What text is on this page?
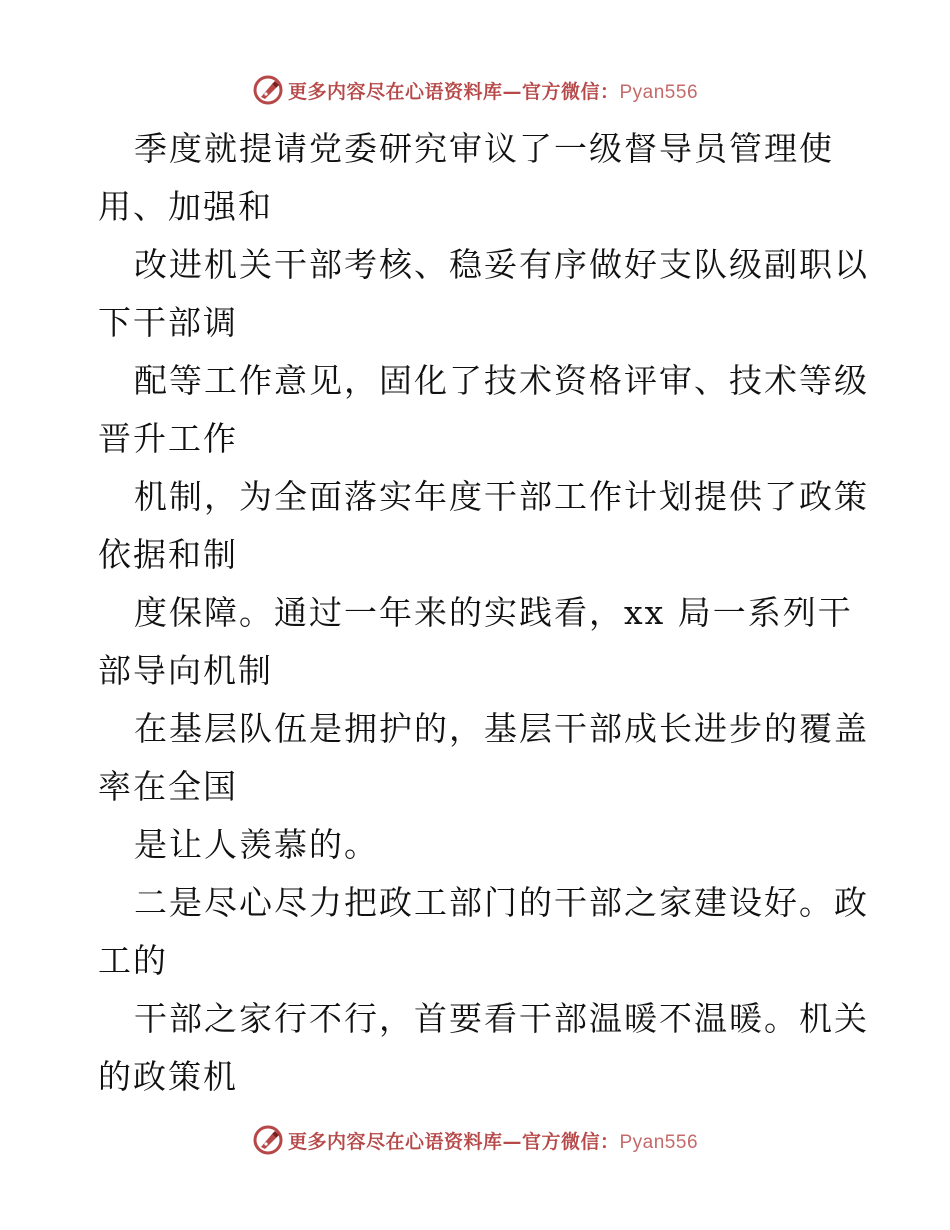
更多内容尽在心语资料库—官方微信：Pyan556
季度就提请党委研究审议了一级督导员管理使
用、加强和
改进机关干部考核、稳妥有序做好支队级副职以
下干部调
配等工作意见，固化了技术资格评审、技术等级
晋升工作
机制，为全面落实年度干部工作计划提供了政策
依据和制
度保障。通过一年来的实践看，xx 局一系列干
部导向机制
在基层队伍是拥护的，基层干部成长进步的覆盖
率在全国
是让人羡慕的。
二是尽心尽力把政工部门的干部之家建设好。政
工的
干部之家行不行，首要看干部温暖不温暖。机关
的政策机
更多内容尽在心语资料库—官方微信：Pyan556
